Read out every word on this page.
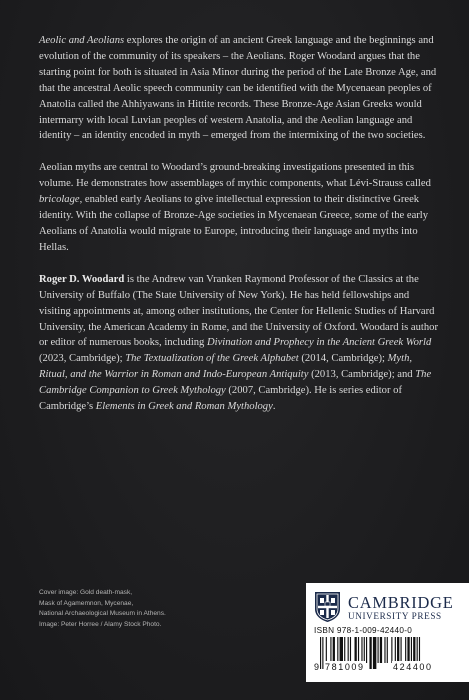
Aeolic and Aeolians explores the origin of an ancient Greek language and the beginnings and evolution of the community of its speakers – the Aeolians. Roger Woodard argues that the starting point for both is situated in Asia Minor during the period of the Late Bronze Age, and that the ancestral Aeolic speech community can be identified with the Mycenaean peoples of Anatolia called the Ahhiyawans in Hittite records. These Bronze-Age Asian Greeks would intermarry with local Luvian peoples of western Anatolia, and the Aeolian language and identity – an identity encoded in myth – emerged from the intermixing of the two societies.

Aeolian myths are central to Woodard’s ground-breaking investigations presented in this volume. He demonstrates how assemblages of mythic components, what Lévi-Strauss called bricolage, enabled early Aeolians to give intellectual expression to their distinctive Greek identity. With the collapse of Bronze-Age societies in Mycenaean Greece, some of the early Aeolians of Anatolia would migrate to Europe, introducing their language and myths into Hellas.

Roger D. Woodard is the Andrew van Vranken Raymond Professor of the Classics at the University of Buffalo (The State University of New York). He has held fellowships and visiting appointments at, among other institutions, the Center for Hellenic Studies of Harvard University, the American Academy in Rome, and the University of Oxford. Woodard is author or editor of numerous books, including Divination and Prophecy in the Ancient Greek World (2023, Cambridge); The Textualization of the Greek Alphabet (2014, Cambridge); Myth, Ritual, and the Warrior in Roman and Indo-European Antiquity (2013, Cambridge); and The Cambridge Companion to Greek Mythology (2007, Cambridge). He is series editor of Cambridge’s Elements in Greek and Roman Mythology.

Cover image: Gold death-mask,
Mask of Agamemnon, Mycenae,
National Archaeological Museum in Athens.
Image: Peter Horree / Alamy Stock Photo.
CAMBRIDGE
UNIVERSITY PRESS
ISBN 978-1-009-42440-0
9 781009	424400
